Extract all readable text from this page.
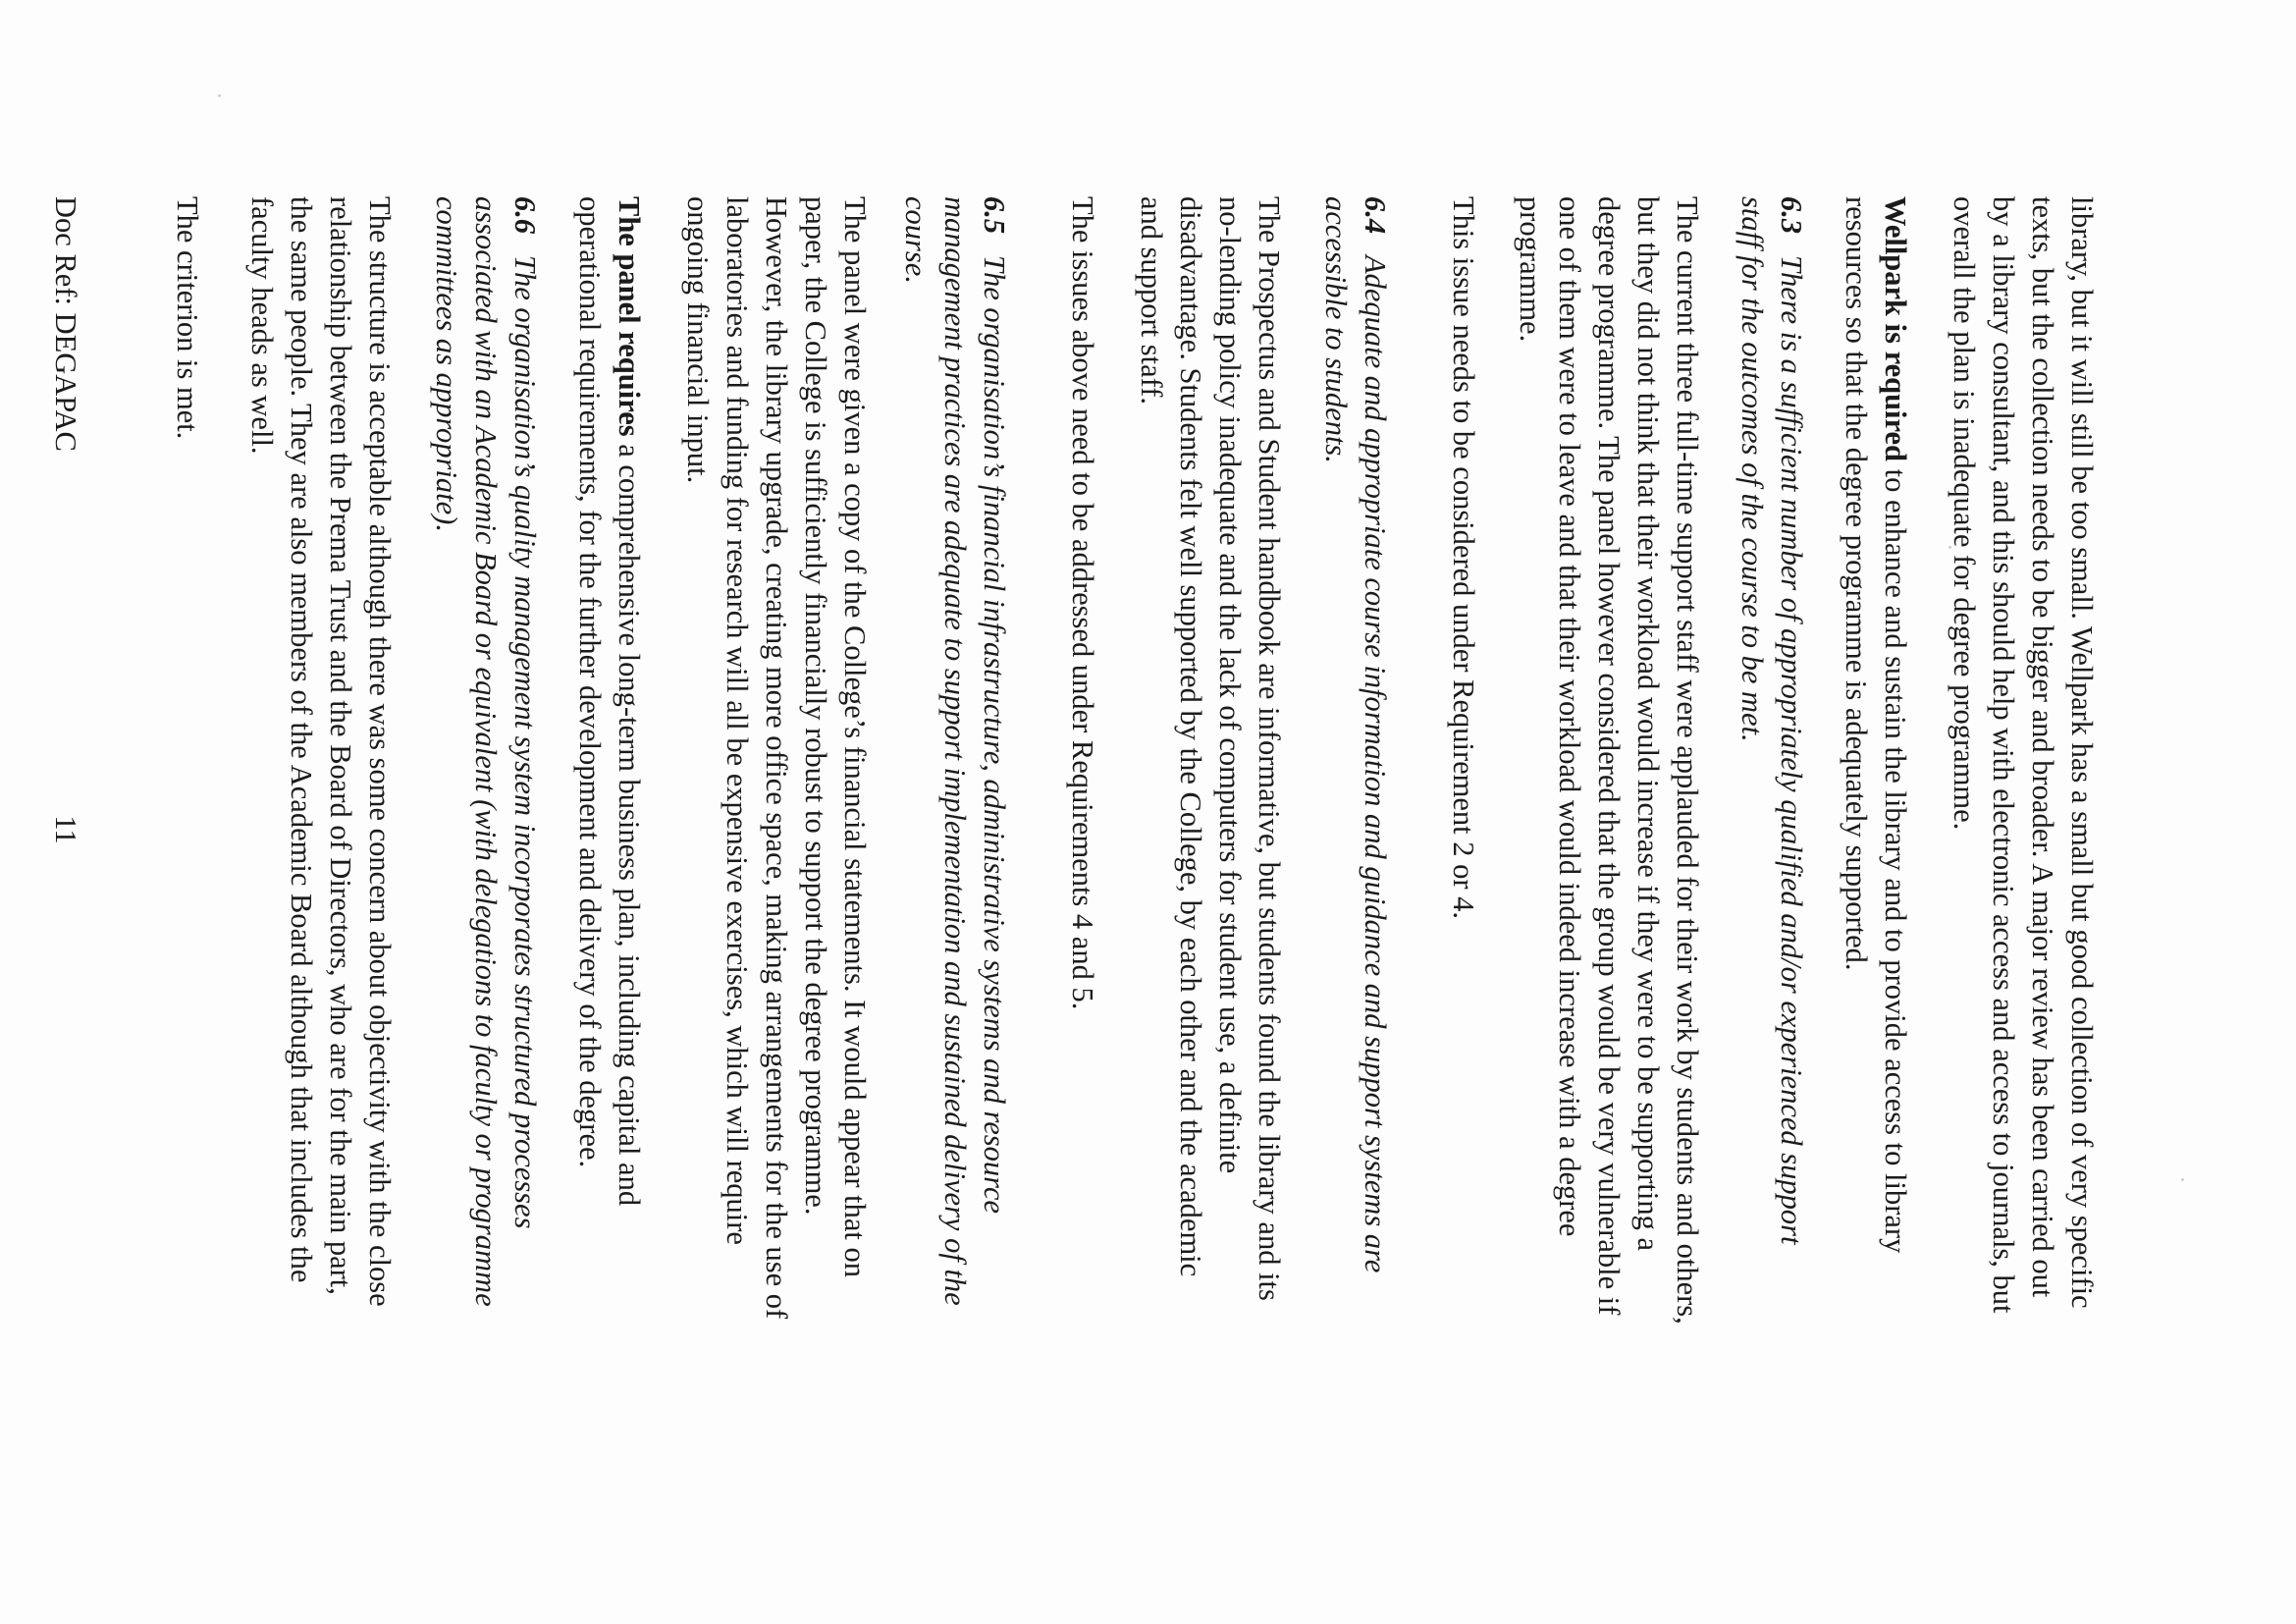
library, but it will still be too small. Wellpark has a small but good collection of very specific
texts, but the collection needs to be bigger and broader. A major review has been carried out
by a library consultant, and this should help with electronic access and access to journals, but
overall the plan is inadequate for degree programme.

Wellpark is required to enhance and sustain the library and to provide access to library
resources so that the degree programme is adequately supported.

6.3There is a sufficient number of appropriately qualified and/or experienced support
staff for the outcomes of the course to be met.

The current three full-time support staff were applauded for their work by students and others,
but they did not think that their workload would increase if they were to be supporting a
degree programme. The panel however considered that the group would be very vulnerable if
one of them were to leave and that their workload would indeed increase with a degree
programme.

This issue needs to be considered under Requirement 2 or 4.

6.4Adequate and appropriate course information and guidance and support systems are
accessible to students.

The Prospectus and Student handbook are informative, but students found the library and its
no-lending policy inadequate and the lack of computers for student use, a definite
disadvantage. Students felt well supported by the College, by each other and the academic
and support staff.

The issues above need to be addressed under Requirements 4 and 5.

6.5The organisation’s financial infrastructure, administrative systems and resource
management practices are adequate to support implementation and sustained delivery of the
course.

The panel were given a copy of the College’s financial statements. It would appear that on
paper, the College is sufficiently financially robust to support the degree programme.
However, the library upgrade, creating more office space, making arrangements for the use of
laboratories and funding for research will all be expensive exercises, which will require
ongoing financial input.

The panel requires a comprehensive long-term business plan, including capital and
operational requirements, for the further development and delivery of the degree.

6.6The organisation’s quality management system incorporates structured processes
associated with an Academic Board or equivalent (with delegations to faculty or programme
committees as appropriate).

The structure is acceptable although there was some concern about objectivity with the close
relationship between the Prema Trust and the Board of Directors, who are for the main part,
the same people. They are also members of the Academic Board although that includes the
faculty heads as well.

The criterion is met.

11
Doc Ref: DEGAPAC
